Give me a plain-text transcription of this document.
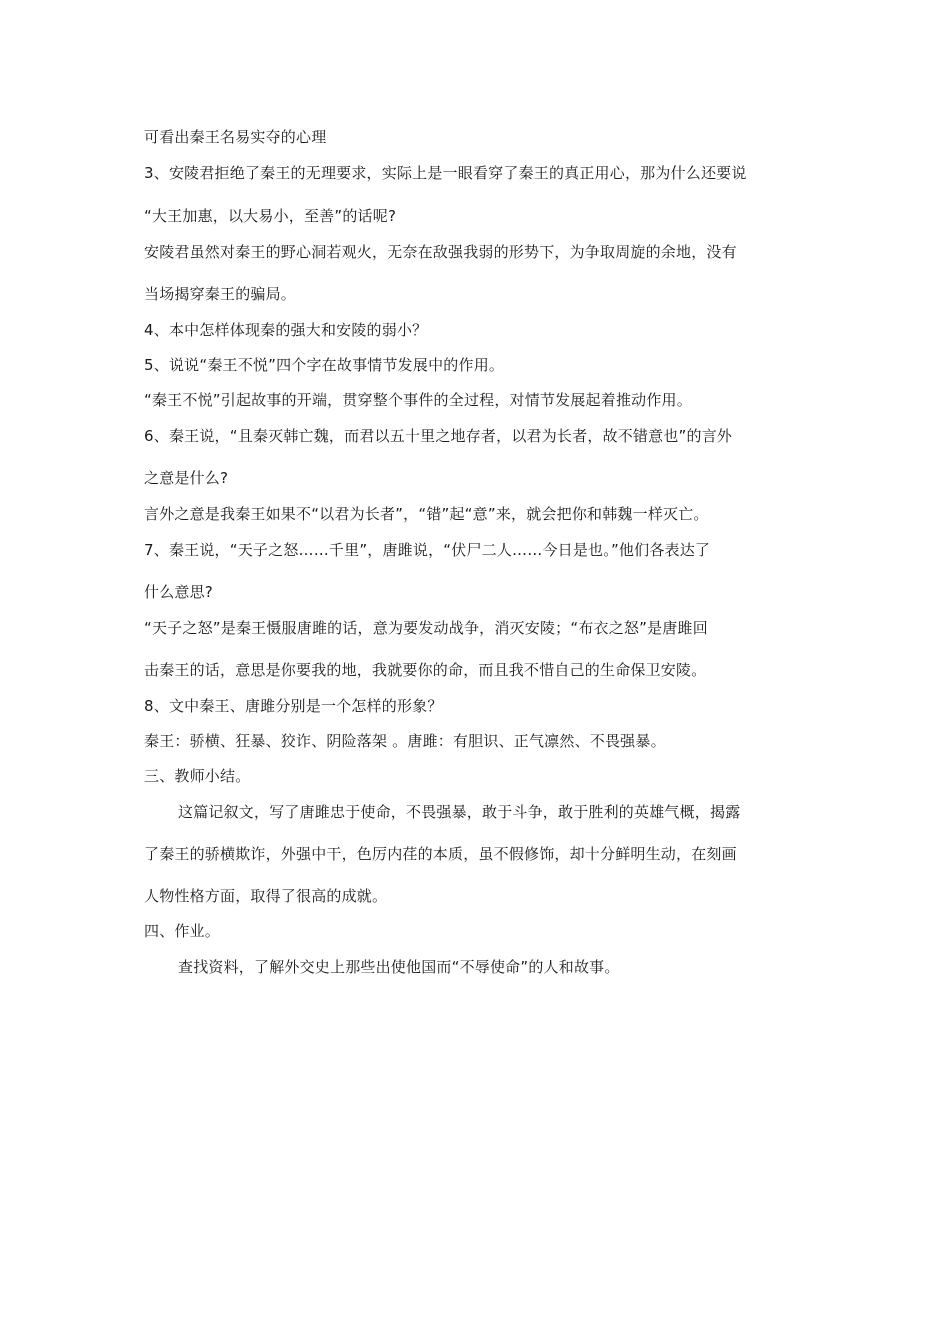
可看出秦王名易实夺的心理
3、安陵君拒绝了秦王的无理要求，实际上是一眼看穿了秦王的真正用心，那为什么还要说
“大王加惠，以大易小，至善”的话呢?
安陵君虽然对秦王的野心洞若观火，无奈在敌强我弱的形势下，为争取周旋的余地，没有
当场揭穿秦王的骗局。
4、本中怎样体现秦的强大和安陵的弱小？
5、说说“秦王不悦”四个字在故事情节发展中的作用。
“秦王不悦”引起故事的开端，贯穿整个事件的全过程，对情节发展起着推动作用。
6、秦王说，“且秦灭韩亡魏，而君以五十里之地存者，以君为长者，故不错意也”的言外
之意是什么?
言外之意是我秦王如果不“以君为长者”，“错”起“意”来，就会把你和韩魏一样灭亡。
7、秦王说，“天子之怒……千里”，唐雎说，“伏尸二人……今日是也。”他们各表达了
什么意思?
“天子之怒”是秦王慑服唐雎的话，意为要发动战争，消灭安陵；“布衣之怒”是唐雎回
击秦王的话，意思是你要我的地，我就要你的命，而且我不惜自己的生命保卫安陵。
8、文中秦王、唐雎分别是一个怎样的形象？
秦王：骄横、狂暴、狡诈、阴险落架 。唐雎：有胆识、正气凛然、不畏强暴。
三、教师小结。
这篇记叙文，写了唐雎忠于使命，不畏强暴，敢于斗争，敢于胜利的英雄气概，揭露
了秦王的骄横欺诈，外强中干，色厉内荏的本质，虽不假修饰，却十分鲜明生动，在刻画
人物性格方面，取得了很高的成就。
四、作业。
查找资料，了解外交史上那些出使他国而“不辱使命”的人和故事。
